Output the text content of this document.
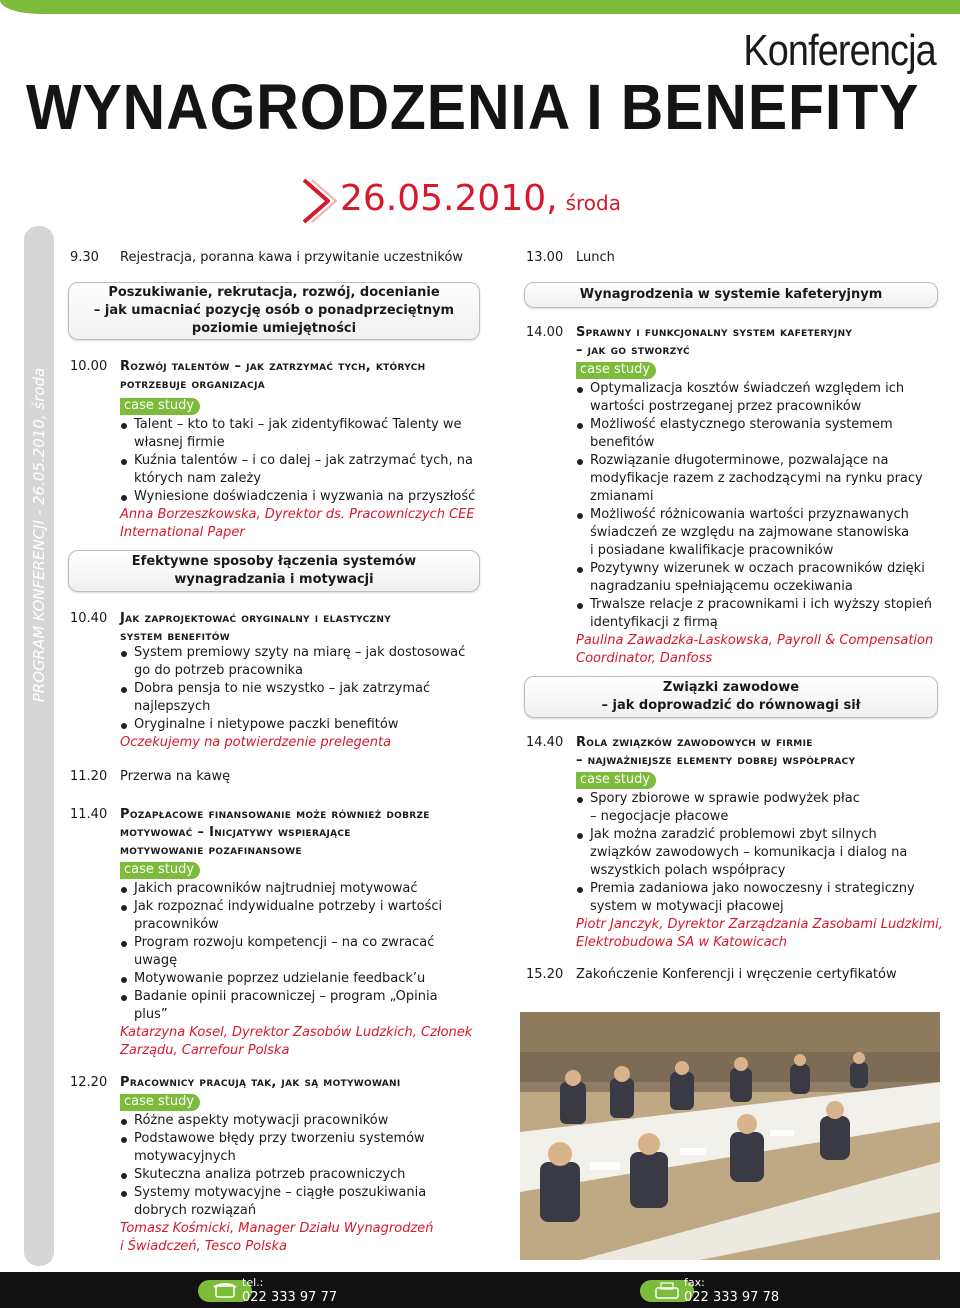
Konferencja
WYNAGRODZENIA I BENEFITY
26.05.2010, środa
PROGRAM KONFERENCJI - 26.05.2010, środa
9.30 Rejestracja, poranna kawa i przywitanie uczestników
Poszukiwanie, rekrutacja, rozwój, docenianie
– jak umacniać pozycję osób o ponadprzeciętnym
poziomie umiejętności
10.00 Rozwój talentów – jak zatrzymać tych, których
potrzebuje organizacja
case study
Talent – kto to taki – jak zidentyfikować Talenty we
własnej firmie
Kuźnia talentów – i co dalej – jak zatrzymać tych, na
których nam zależy
Wyniesione doświadczenia i wyzwania na przyszłość
Anna Borzeszkowska, Dyrektor ds. Pracowniczych CEE
International Paper
Efektywne sposoby łączenia systemów
wynagradzania i motywacji
10.40 Jak zaprojektować oryginalny i elastyczny
system benefitów
System premiowy szyty na miarę – jak dostosować
go do potrzeb pracownika
Dobra pensja to nie wszystko – jak zatrzymać
najlepszych
Oryginalne i nietypowe paczki benefitów
Oczekujemy na potwierdzenie prelegenta
11.20 Przerwa na kawę
11.40 Pozapłacowe finansowanie może również dobrze
motywować – Inicjatywy wspierające
motywowanie pozafinansowe
case study
Jakich pracowników najtrudniej motywować
Jak rozpoznać indywidualne potrzeby i wartości
pracowników
Program rozwoju kompetencji – na co zwracać
uwagę
Motywowanie poprzez udzielanie feedback’u
Badanie opinii pracowniczej – program „Opinia
plus”
Katarzyna Kosel, Dyrektor Zasobów Ludzkich, Członek
Zarządu, Carrefour Polska
12.20 Pracownicy pracują tak, jak są motywowani
case study
Różne aspekty motywacji pracowników
Podstawowe błędy przy tworzeniu systemów
motywacyjnych
Skuteczna analiza potrzeb pracowniczych
Systemy motywacyjne – ciągłe poszukiwania
dobrych rozwiązań
Tomasz Kośmicki, Manager Działu Wynagrodzeń
i Świadczeń, Tesco Polska
13.00 Lunch
Wynagrodzenia w systemie kafeteryjnym
14.00 Sprawny i funkcjonalny system kafeteryjny
– jak go stworzyć
case study
Optymalizacja kosztów świadczeń względem ich
wartości postrzeganej przez pracowników
Możliwość elastycznego sterowania systemem
benefitów
Rozwiązanie długoterminowe, pozwalające na
modyfikacje razem z zachodzącymi na rynku pracy
zmianami
Możliwość różnicowania wartości przyznawanych
świadczeń ze względu na zajmowane stanowiska
i posiadane kwalifikacje pracowników
Pozytywny wizerunek w oczach pracowników dzięki
nagradzaniu spełniającemu oczekiwania
Trwalsze relacje z pracownikami i ich wyższy stopień
identyfikacji z firmą
Paulina Zawadzka-Laskowska, Payroll & Compensation
Coordinator, Danfoss
Związki zawodowe
– jak doprowadzić do równowagi sił
14.40 Rola związków zawodowych w firmie
– najważniejsze elementy dobrej współpracy
case study
Spory zbiorowe w sprawie podwyżek płac
– negocjacje płacowe
Jak można zaradzić problemowi zbyt silnych
związków zawodowych – komunikacja i dialog na
wszystkich polach współpracy
Premia zadaniowa jako nowoczesny i strategiczny
system w motywacji płacowej
Piotr Janczyk, Dyrektor Zarządzania Zasobami Ludzkimi,
Elektrobudowa SA w Katowicach
15.20 Zakończenie Konferencji i wręczenie certyfikatów
tel.:
022 333 97 77
fax:
022 333 97 78
